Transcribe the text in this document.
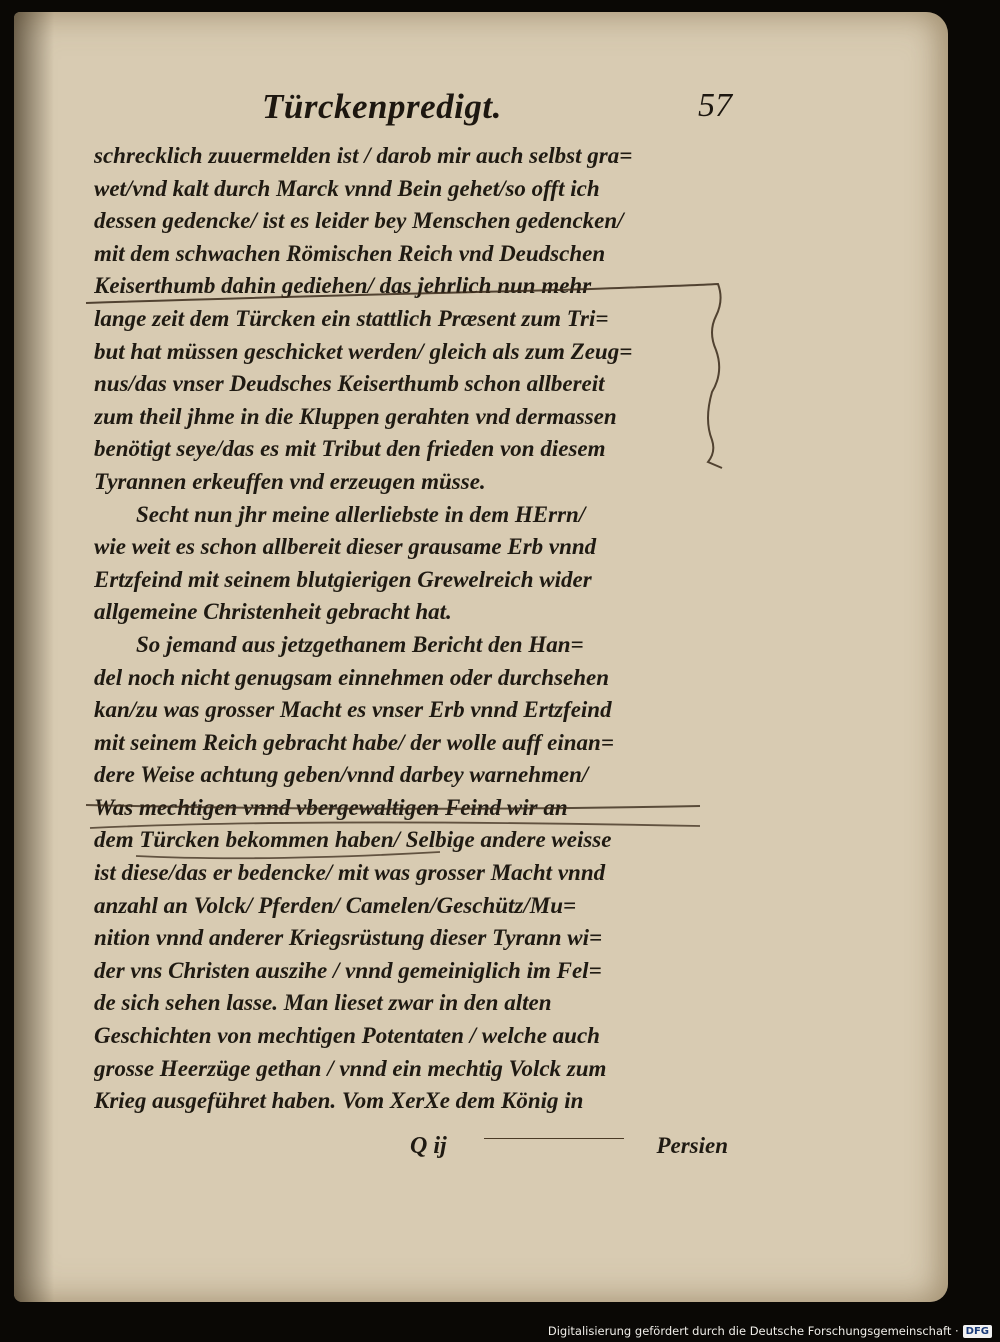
Türckenpredigt.	57
schrecklich zuuermelden ist / darob mir auch selbst gra=
wet/vnd kalt durch Marck vnnd Bein gehet/so offt ich
dessen gedencke/ ist es leider bey Menschen gedencken/
mit dem schwachen Römischen Reich vnd Deudschen
Keiserthumb dahin gediehen/ das jehrlich nun mehr
lange zeit dem Türcken ein stattlich Præsent zum Tri=
but hat müssen geschicket werden/ gleich als zum Zeug=
nus/das vnser Deudsches Keiserthumb schon allbereit
zum theil jhme in die Kluppen gerahten vnd dermassen
benötigt seye/das es mit Tribut den frieden von diesem
Tyrannen erkeuffen vnd erzeugen müsse.
Secht nun jhr meine allerliebste in dem HErrn/
wie weit es schon allbereit dieser grausame Erb vnnd
Ertzfeind mit seinem blutgierigen Grewelreich wider
allgemeine Christenheit gebracht hat.
So jemand aus jetzgethanem Bericht den Han=
del noch nicht genugsam einnehmen oder durchsehen
kan/zu was grosser Macht es vnser Erb vnnd Ertzfeind
mit seinem Reich gebracht habe/ der wolle auff einan=
dere Weise achtung geben/vnnd darbey warnehmen/
Was mechtigen vnnd vbergewaltigen Feind wir an
dem Türcken bekommen haben/ Selbige andere weisse
ist diese/das er bedencke/ mit was grosser Macht vnnd
anzahl an Volck/ Pferden/ Camelen/Geschütz/Mu=
nition vnnd anderer Kriegsrüstung dieser Tyrann wi=
der vns Christen auszihe / vnnd gemeiniglich im Fel=
de sich sehen lasse. Man lieset zwar in den alten
Geschichten von mechtigen Potentaten / welche auch
grosse Heerzüge gethan / vnnd ein mechtig Volck zum
Krieg ausgeführet haben. Vom XerXe dem König in
Q ij	Persien
Digitalisierung gefördert durch die Deutsche Forschungsgemeinschaft · DFG
